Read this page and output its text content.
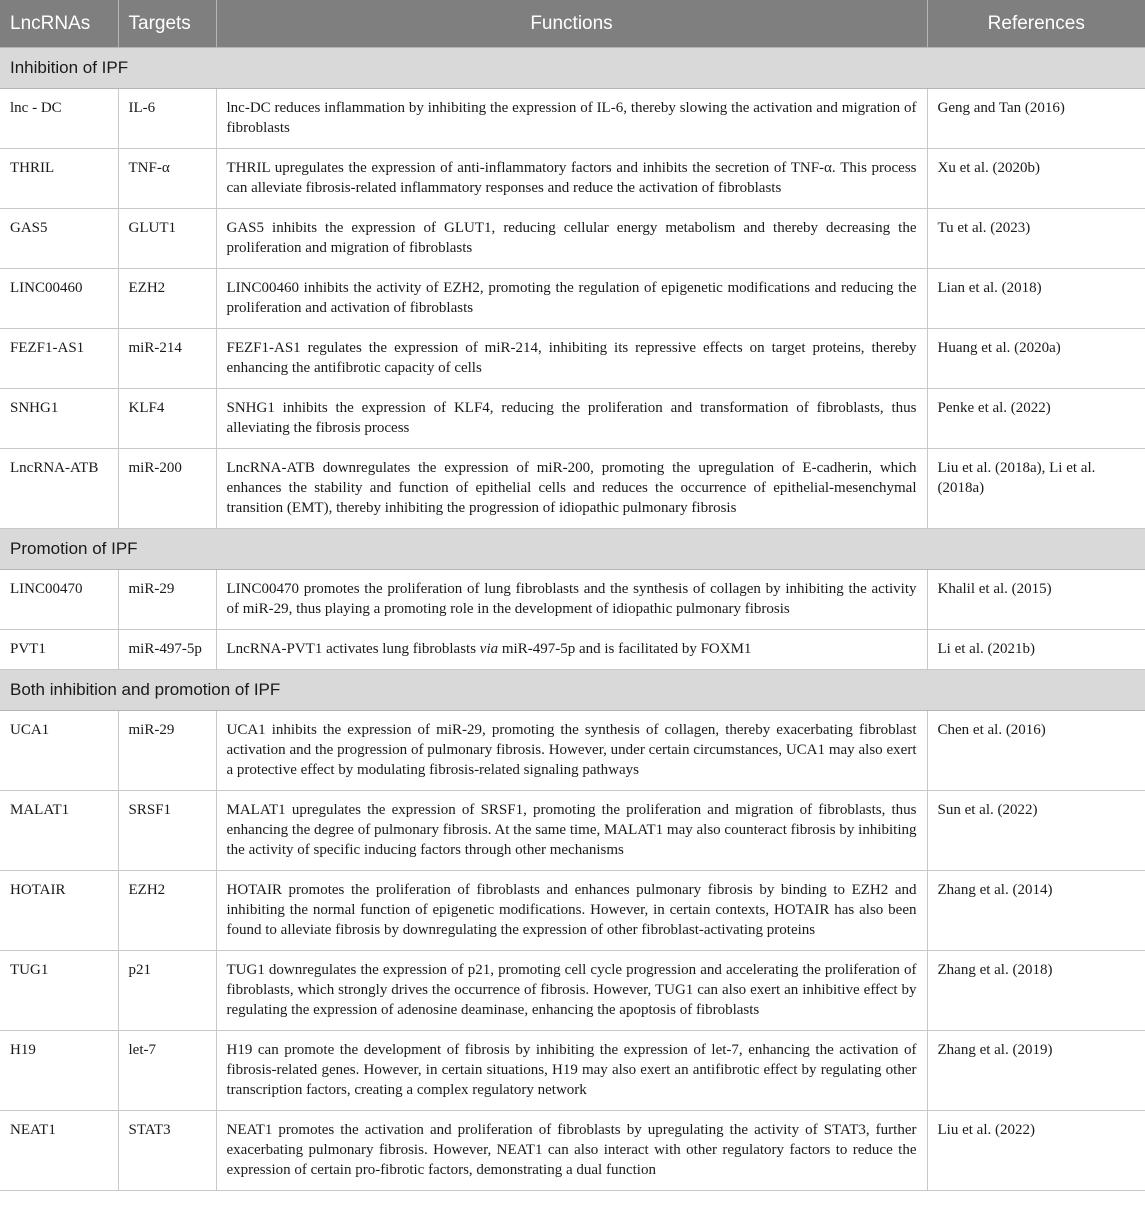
LncRNAs	Targets	Functions	References
Inhibition of IPF			
lnc - DC	IL-6	lnc-DC reduces inflammation by inhibiting the expression of IL-6, thereby slowing the activation and migration of fibroblasts	Geng and Tan (2016)
THRIL	TNF-α	THRIL upregulates the expression of anti-inflammatory factors and inhibits the secretion of TNF-α. This process can alleviate fibrosis-related inflammatory responses and reduce the activation of fibroblasts	Xu et al. (2020b)
GAS5	GLUT1	GAS5 inhibits the expression of GLUT1, reducing cellular energy metabolism and thereby decreasing the proliferation and migration of fibroblasts	Tu et al. (2023)
LINC00460	EZH2	LINC00460 inhibits the activity of EZH2, promoting the regulation of epigenetic modifications and reducing the proliferation and activation of fibroblasts	Lian et al. (2018)
FEZF1-AS1	miR-214	FEZF1-AS1 regulates the expression of miR-214, inhibiting its repressive effects on target proteins, thereby enhancing the antifibrotic capacity of cells	Huang et al. (2020a)
SNHG1	KLF4	SNHG1 inhibits the expression of KLF4, reducing the proliferation and transformation of fibroblasts, thus alleviating the fibrosis process	Penke et al. (2022)
LncRNA-ATB	miR-200	LncRNA-ATB downregulates the expression of miR-200, promoting the upregulation of E-cadherin, which enhances the stability and function of epithelial cells and reduces the occurrence of epithelial-mesenchymal transition (EMT), thereby inhibiting the progression of idiopathic pulmonary fibrosis	Liu et al. (2018a), Li et al. (2018a)
Promotion of IPF			
LINC00470	miR-29	LINC00470 promotes the proliferation of lung fibroblasts and the synthesis of collagen by inhibiting the activity of miR-29, thus playing a promoting role in the development of idiopathic pulmonary fibrosis	Khalil et al. (2015)
PVT1	miR-497-5p	LncRNA-PVT1 activates lung fibroblasts via miR-497-5p and is facilitated by FOXM1	Li et al. (2021b)
Both inhibition and promotion of IPF			
UCA1	miR-29	UCA1 inhibits the expression of miR-29, promoting the synthesis of collagen, thereby exacerbating fibroblast activation and the progression of pulmonary fibrosis. However, under certain circumstances, UCA1 may also exert a protective effect by modulating fibrosis-related signaling pathways	Chen et al. (2016)
MALAT1	SRSF1	MALAT1 upregulates the expression of SRSF1, promoting the proliferation and migration of fibroblasts, thus enhancing the degree of pulmonary fibrosis. At the same time, MALAT1 may also counteract fibrosis by inhibiting the activity of specific inducing factors through other mechanisms	Sun et al. (2022)
HOTAIR	EZH2	HOTAIR promotes the proliferation of fibroblasts and enhances pulmonary fibrosis by binding to EZH2 and inhibiting the normal function of epigenetic modifications. However, in certain contexts, HOTAIR has also been found to alleviate fibrosis by downregulating the expression of other fibroblast-activating proteins	Zhang et al. (2014)
TUG1	p21	TUG1 downregulates the expression of p21, promoting cell cycle progression and accelerating the proliferation of fibroblasts, which strongly drives the occurrence of fibrosis. However, TUG1 can also exert an inhibitive effect by regulating the expression of adenosine deaminase, enhancing the apoptosis of fibroblasts	Zhang et al. (2018)
H19	let-7	H19 can promote the development of fibrosis by inhibiting the expression of let-7, enhancing the activation of fibrosis-related genes. However, in certain situations, H19 may also exert an antifibrotic effect by regulating other transcription factors, creating a complex regulatory network	Zhang et al. (2019)
NEAT1	STAT3	NEAT1 promotes the activation and proliferation of fibroblasts by upregulating the activity of STAT3, further exacerbating pulmonary fibrosis. However, NEAT1 can also interact with other regulatory factors to reduce the expression of certain pro-fibrotic factors, demonstrating a dual function	Liu et al. (2022)
